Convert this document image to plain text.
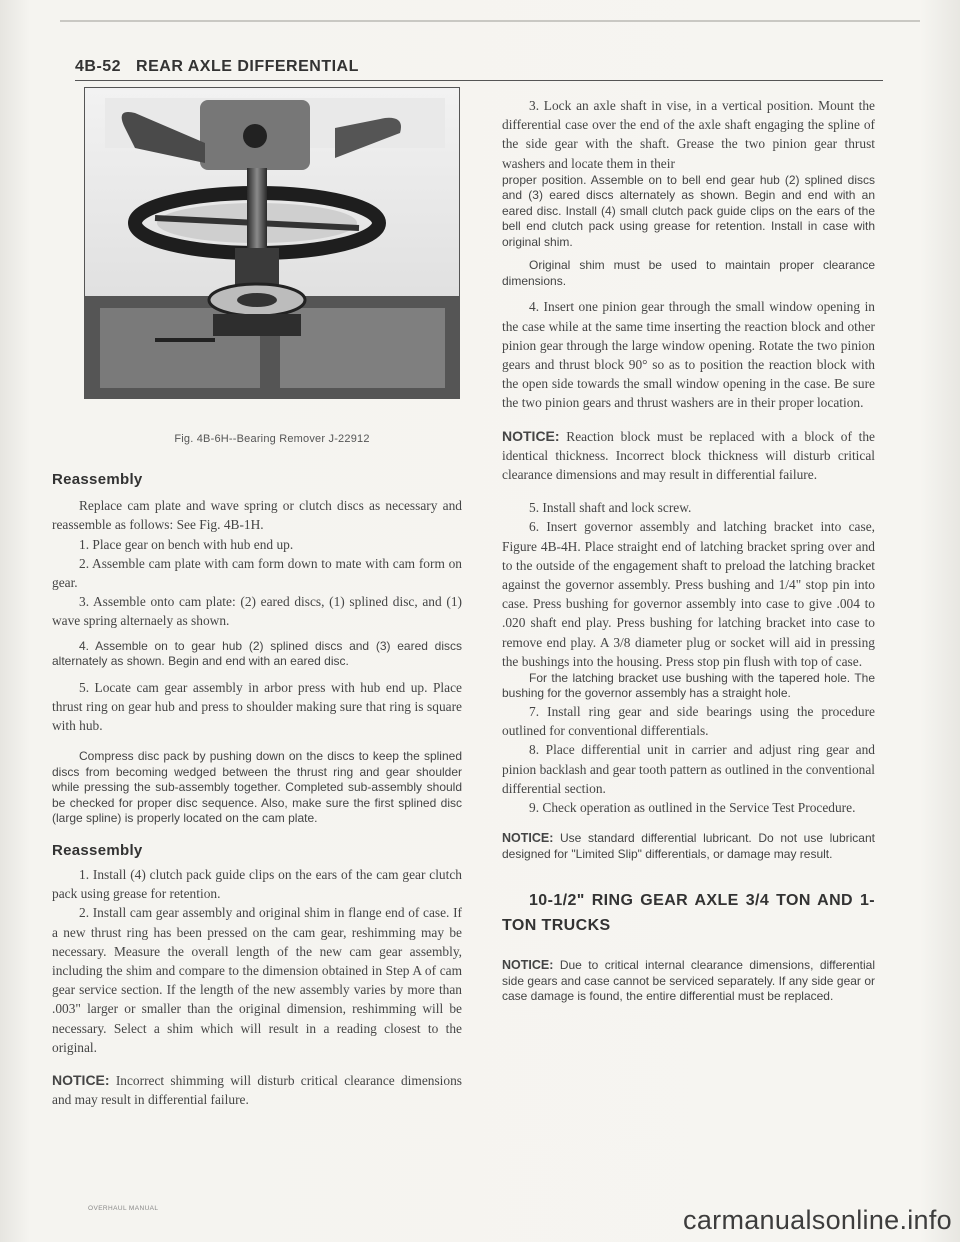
4B-52 REAR AXLE DIFFERENTIAL
Fig. 4B-6H--Bearing Remover J-22912

Reassembly

Replace cam plate and wave spring or clutch discs as necessary and reassemble as follows: See Fig. 4B-1H.

1. Place gear on bench with hub end up.

2. Assemble cam plate with cam form down to mate with cam form on gear.

3. Assemble onto cam plate: (2) eared discs, (1) splined disc, and (1) wave spring alternaely as shown.

4. Assemble on to gear hub (2) splined discs and (3) eared discs alternately as shown. Begin and end with an eared disc.

5. Locate cam gear assembly in arbor press with hub end up. Place thrust ring on gear hub and press to shoulder making sure that ring is square with hub.

Compress disc pack by pushing down on the discs to keep the splined discs from becoming wedged between the thrust ring and gear shoulder while pressing the sub-assembly together. Completed sub-assembly should be checked for proper disc sequence. Also, make sure the first splined disc (large spline) is properly located on the cam plate.

Reassembly

1. Install (4) clutch pack guide clips on the ears of the cam gear clutch pack using grease for retention.

2. Install cam gear assembly and original shim in flange end of case. If a new thrust ring has been pressed on the cam gear, reshimming may be necessary. Measure the overall length of the new cam gear assembly, including the shim and compare to the dimension obtained in Step A of cam gear service section. If the length of the new assembly varies by more than .003" larger or smaller than the original dimension, reshimming will be necessary. Select a shim which will result in a reading closest to the original.

NOTICE: Incorrect shimming will disturb critical clearance dimensions and may result in differential failure.

3. Lock an axle shaft in vise, in a vertical position. Mount the differential case over the end of the axle shaft engaging the spline of the side gear with the shaft. Grease the two pinion gear thrust washers and locate them in their

proper position. Assemble on to bell end gear hub (2) splined discs and (3) eared discs alternately as shown. Begin and end with an eared disc. Install (4) small clutch pack guide clips on the ears of the bell end clutch pack using grease for retention. Install in case with original shim.

Original shim must be used to maintain proper clearance dimensions.

4. Insert one pinion gear through the small window opening in the case while at the same time inserting the reaction block and other pinion gear through the large window opening. Rotate the two pinion gears and thrust block 90° so as to position the reaction block with the open side towards the small window opening in the case. Be sure the two pinion gears and thrust washers are in their proper location.

NOTICE: Reaction block must be replaced with a block of the identical thickness. Incorrect block thickness will disturb critical clearance dimensions and may result in differential failure.

5. Install shaft and lock screw.

6. Insert governor assembly and latching bracket into case, Figure 4B-4H. Place straight end of latching bracket spring over and to the outside of the engagement shaft to preload the latching bracket against the governor assembly. Press bushing and 1/4" stop pin into case. Press bushing for governor assembly into case to give .004 to .020 shaft end play. Press bushing for latching bracket into case to remove end play. A 3/8 diameter plug or socket will aid in pressing the bushings into the housing. Press stop pin flush with top of case.

For the latching bracket use bushing with the tapered hole. The bushing for the governor assembly has a straight hole.

7. Install ring gear and side bearings using the procedure outlined for conventional differentials.

8. Place differential unit in carrier and adjust ring gear and pinion backlash and gear tooth pattern as outlined in the conventional differential section.

9. Check operation as outlined in the Service Test Procedure.

NOTICE: Use standard differential lubricant. Do not use lubricant designed for "Limited Slip" differentials, or damage may result.

10-1/2" RING GEAR AXLE 3/4 TON AND 1-TON TRUCKS

NOTICE: Due to critical internal clearance dimensions, differential side gears and case cannot be serviced separately. If any side gear or case damage is found, the entire differential must be replaced.

OVERHAUL MANUAL	carmanualsonline.info
